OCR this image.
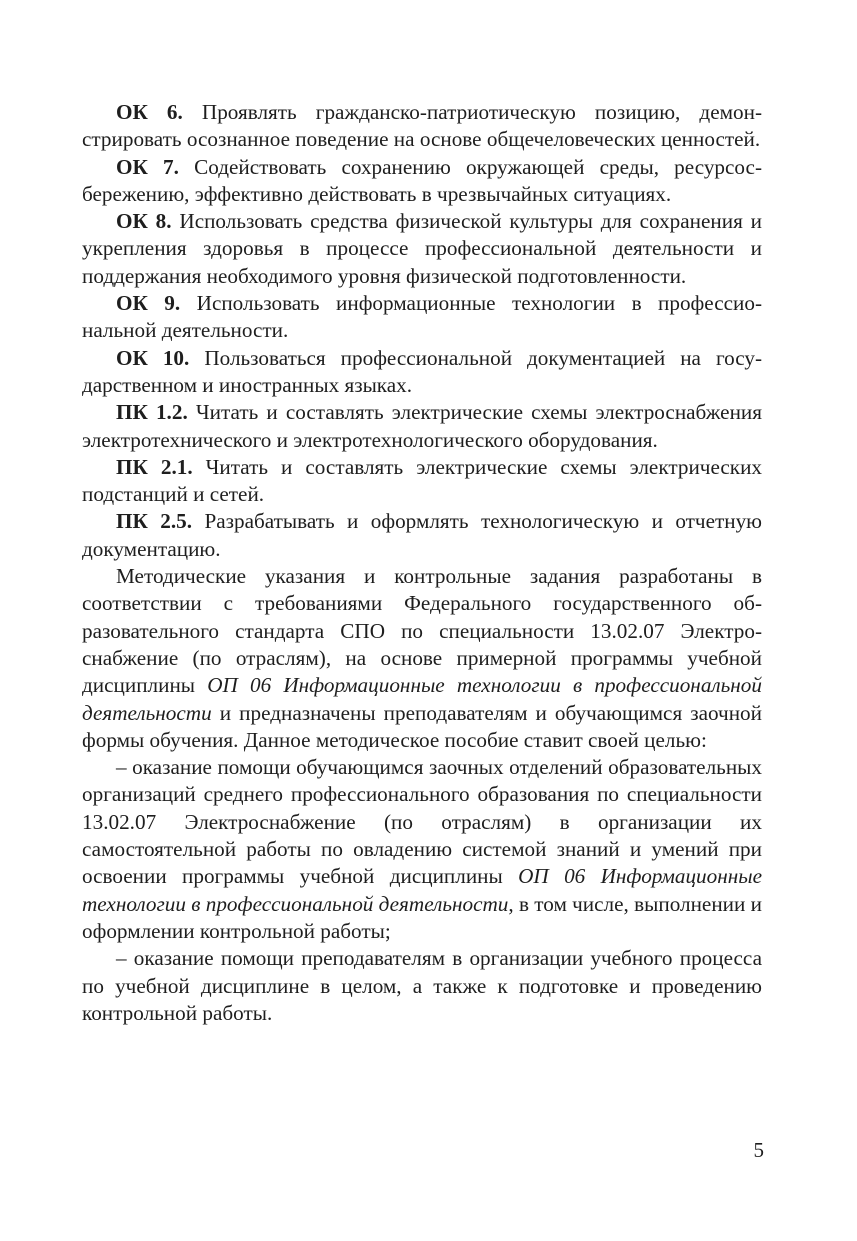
ОК 6. Проявлять гражданско-патриотическую позицию, демонстрировать осознанное поведение на основе общечеловеческих ценностей.

ОК 7. Содействовать сохранению окружающей среды, ресурсосбережению, эффективно действовать в чрезвычайных ситуациях.

ОК 8. Использовать средства физической культуры для сохранения и укрепления здоровья в процессе профессиональной деятельности и поддержания необходимого уровня физической подготовленности.

ОК 9. Использовать информационные технологии в профессиональной деятельности.

ОК 10. Пользоваться профессиональной документацией на государственном и иностранных языках.

ПК 1.2. Читать и составлять электрические схемы электроснабжения электротехнического и электротехнологического оборудования.

ПК 2.1. Читать и составлять электрические схемы электрических подстанций и сетей.

ПК 2.5. Разрабатывать и оформлять технологическую и отчетную документацию.

Методические указания и контрольные задания разработаны в соответствии с требованиями Федерального государственного образовательного стандарта СПО по специальности 13.02.07 Электроснабжение (по отраслям), на основе примерной программы учебной дисциплины ОП 06 Информационные технологии в профессиональной деятельности и предназначены преподавателям и обучающимся заочной формы обучения. Данное методическое пособие ставит своей целью:

– оказание помощи обучающимся заочных отделений образовательных организаций среднего профессионального образования по специальности 13.02.07 Электроснабжение (по отраслям) в организации их самостоятельной работы по овладению системой знаний и умений при освоении программы учебной дисциплины ОП 06 Информационные технологии в профессиональной деятельности, в том числе, выполнении и оформлении контрольной работы;

– оказание помощи преподавателям в организации учебного процесса по учебной дисциплине в целом, а также к подготовке и проведению контрольной работы.

5
